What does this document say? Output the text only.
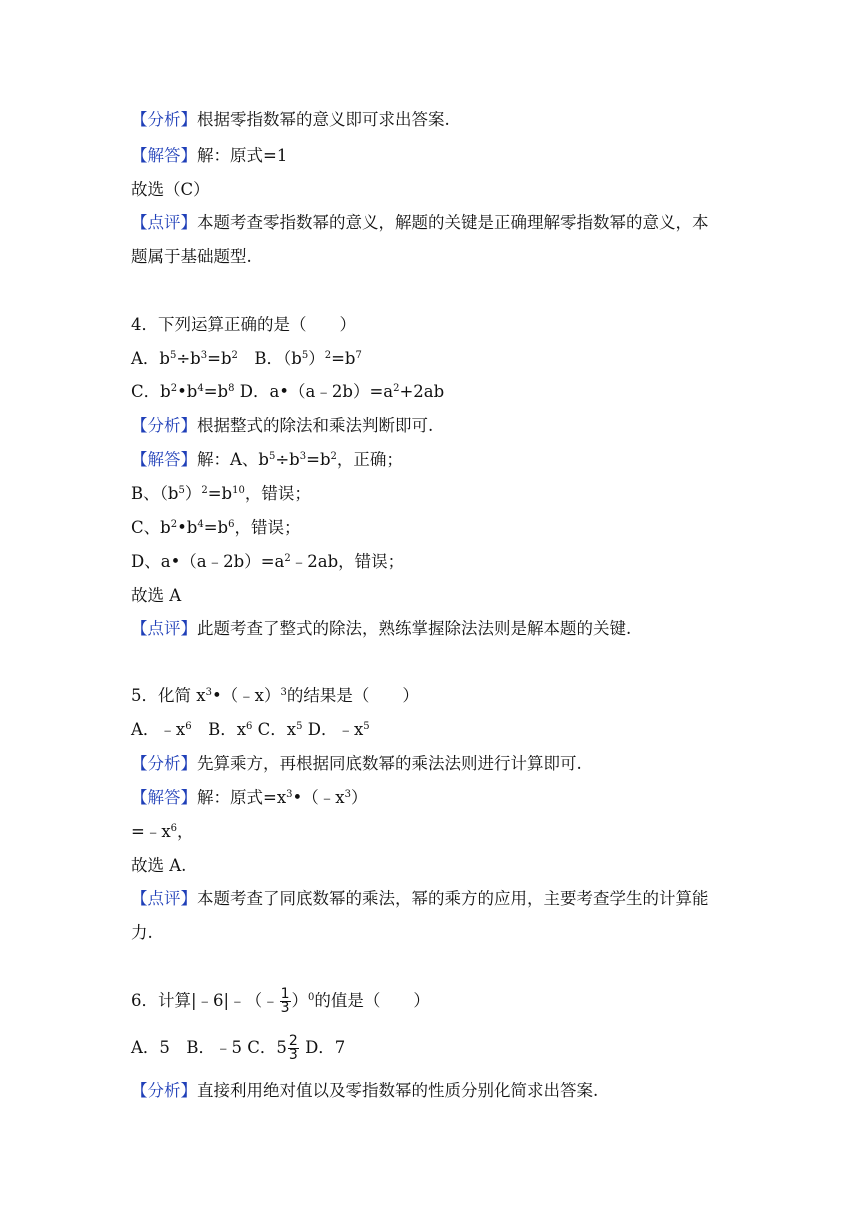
【分析】根据零指数幂的意义即可求出答案.
【解答】解：原式=1
故选（C）
【点评】本题考查零指数幂的意义，解题的关键是正确理解零指数幂的意义，本
题属于基础题型.
4．下列运算正确的是（　　）
A．$b^5\div b^3=b^2$　B．$(b^5)^2=b^7$
C．$b^2•b^4=b^8$ D．$a•(a﹣2b)=a^2+2ab$
【分析】根据整式的除法和乘法判断即可.
【解答】解：A、$b^5\div b^3=b^2$，正确；
B、$(b^5)^2=b^{10}$，错误；
C、$b^2•b^4=b^6$，错误；
D、$a•(a﹣2b)=a^2﹣2ab$，错误；
故选 A
【点评】此题考查了整式的除法，熟练掌握除法法则是解本题的关键.
5．化简 $x^3•(﹣x)^3$的结果是（　　）
A．$﹣x^6$　B．$x^6$ C．$x^5$ D．$﹣x^5$
【分析】先算乘方，再根据同底数幂的乘法法则进行计算即可.
【解答】解：原式$=x^3•(﹣x^3)$
$=﹣x^6$，
故选 A.
【点评】本题考查了同底数幂的乘法，幂的乘方的应用，主要考查学生的计算能
力.
6．计算|﹣6|﹣（﹣ $\frac{1}{3} )^0$的值是（　　）
A．5　B．﹣5 C．$5 \frac{2}{3}$ D．7
【分析】直接利用绝对值以及零指数幂的性质分别化简求出答案.
